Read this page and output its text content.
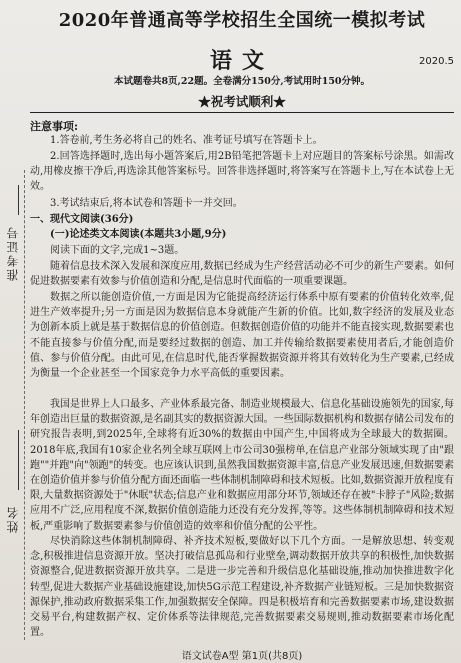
准考证号
姓名
2020年普通高等学校招生全国统一模拟考试
语文	2020.5
本试题卷共8页,22题。全卷满分150分,考试用时150分钟。
★祝考试顺利★
注意事项:

1.答卷前,考生务必将自己的姓名、准考证号填写在答题卡上。

2.回答选择题时,选出每小题答案后,用2B铅笔把答题卡上对应题目的答案标号涂黑。如需改动,用橡皮擦干净后,再选涂其他答案标号。回答非选择题时,将答案写在答题卡上,写在本试卷上无效。

3.考试结束后,将本试卷和答题卡一并交回。

一、现代文阅读(36分)

(一)论述类文本阅读(本题共3小题,9分)

阅读下面的文字,完成1~3题。

随着信息技术深入发展和深度应用,数据已经成为生产经营活动必不可少的新生产要素。如何促进数据要素有效参与价值创造和分配,是信息时代面临的一项重要课题。

数据之所以能创造价值,一方面是因为它能提高经济运行体系中原有要素的价值转化效率,促进生产效率提升;另一方面是因为数据信息本身就能产生新的价值。比如,数字经济的发展及业态为创新本质上就是基于数据信息的价值创造。但数据创造价值的功能并不能直接实现,数据要素也不能直接参与价值分配,而是要经过数据的创造、加工并传输给数据要素使用者后,才能创造价值、参与价值分配。由此可见,在信息时代,能否掌握数据资源并将其有效转化为生产要素,已经成为衡量一个企业甚至一个国家竞争力水平高低的重要因素。

我国是世界上人口最多、产业体系最完备、制造业规模最大、信息化基础设施领先的国家,每年创造出巨量的数据资源,是名副其实的数据资源大国。一些国际数据机构和数据存储公司发布的研究报告表明,到2025年,全球将有近30%的数据由中国产生,中国将成为全球最大的数据圈。2018年底,我国有10家企业名列全球互联网上市公司30强榜单,在信息产业部分领域实现了由"跟跑""并跑"向"领跑"的转变。也应该认识到,虽然我国数据资源丰富,信息产业发展迅速,但数据要素在创造价值并参与价值分配方面还面临一些体制机制障碍和技术短板。比如,数据资源开放程度有限,大量数据资源处于"休眠"状态;信息产业和数据应用部分环节,领域还存在被"卡脖子"风险;数据应用不广泛,应用程度不深,数据价值创造能力还没有充分发挥,等等。这些体制机制障碍和技术短板,严重影响了数据要素参与价值创造的效率和价值分配的公平性。

尽快消除这些体制机制障碍、补齐技术短板,要做好以下几个方面。一是解放思想、转变观念,积极推进信息资源开放。坚决打破信息孤岛和行业壁垒,调动数据开放共享的积极性,加快数据资源整合,促进数据资源开放共享。二是进一步完善和升级信息化基础设施,推动加快推进数字化转型,促进大数据产业基础设施建设,加快5G示范工程建设,补齐数据产业链短板。三是加快数据资源保护,推动政府数据采集工作,加强数据安全保障。四是积极培育和完善数据要素市场,建设数据交易平台,构建数据产权、定价体系等法律规范,完善数据要素交易规则,推动数据要素市场化配置。

语文试卷A型 第1页(共8页)
